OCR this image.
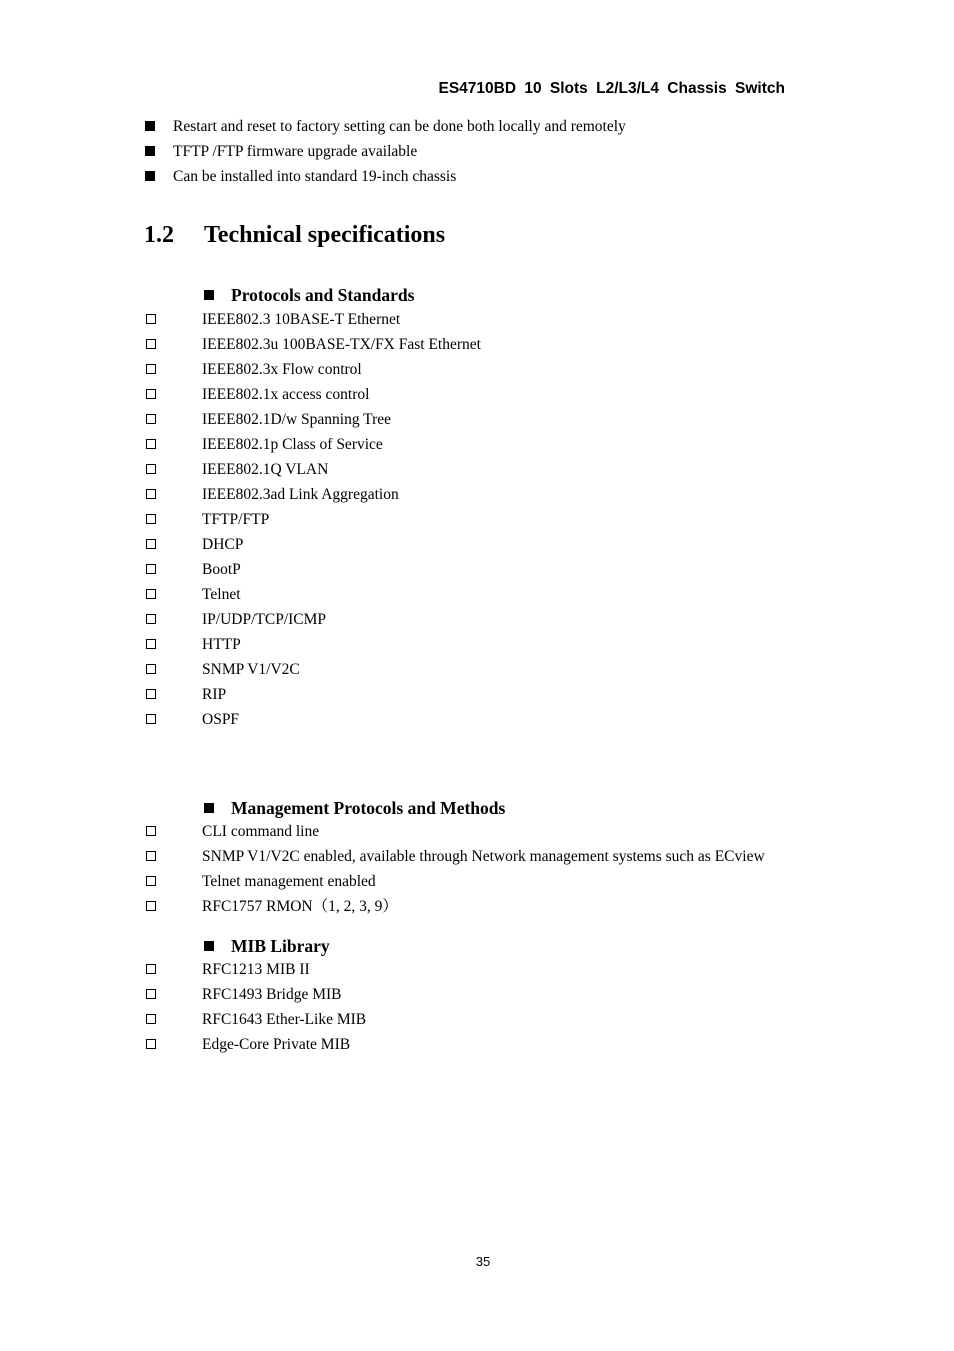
ES4710BD 10 Slots L2/L3/L4 Chassis Switch
Restart and reset to factory setting can be done both locally and remotely
TFTP /FTP firmware upgrade available
Can be installed into standard 19-inch chassis
1.2 Technical specifications
Protocols and Standards
IEEE802.3 10BASE-T Ethernet
IEEE802.3u 100BASE-TX/FX Fast Ethernet
IEEE802.3x Flow control
IEEE802.1x access control
IEEE802.1D/w Spanning Tree
IEEE802.1p Class of Service
IEEE802.1Q VLAN
IEEE802.3ad Link Aggregation
TFTP/FTP
DHCP
BootP
Telnet
IP/UDP/TCP/ICMP
HTTP
SNMP V1/V2C
RIP
OSPF
Management Protocols and Methods
CLI command line
SNMP V1/V2C enabled, available through Network management systems such as ECview
Telnet management enabled
RFC1757 RMON（1, 2, 3, 9）
MIB Library
RFC1213 MIB II
RFC1493 Bridge MIB
RFC1643 Ether-Like MIB
Edge-Core Private MIB
35
